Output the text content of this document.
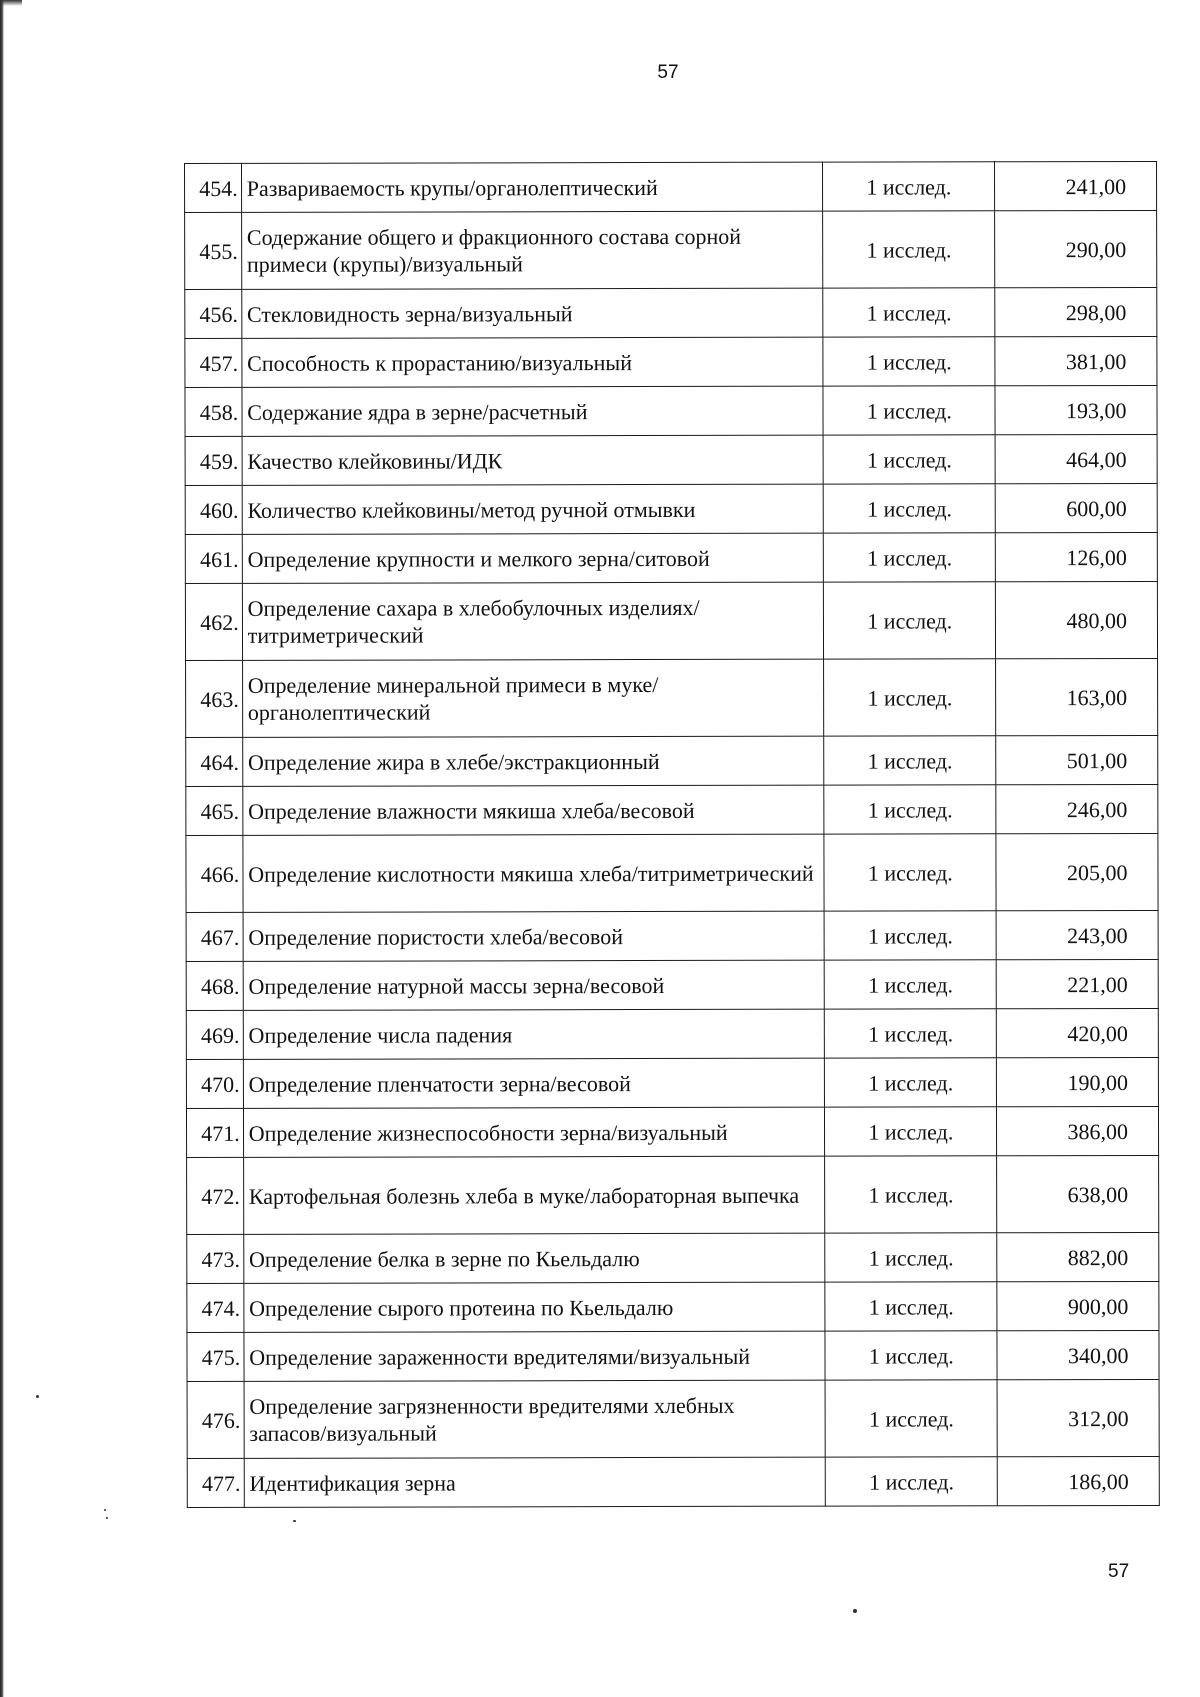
57
454.	Развариваемость крупы/органолептический	1 исслед.	241,00
455.	Содержание общего и фракционного состава сорной примеси (крупы)/визуальный	1 исслед.	290,00
456.	Стекловидность зерна/визуальный	1 исслед.	298,00
457.	Способность к прорастанию/визуальный	1 исслед.	381,00
458.	Содержание ядра в зерне/расчетный	1 исслед.	193,00
459.	Качество клейковины/ИДК	1 исслед.	464,00
460.	Количество клейковины/метод ручной отмывки	1 исслед.	600,00
461.	Определение крупности и мелкого зерна/ситовой	1 исслед.	126,00
462.	Определение сахара в хлебобулочных изделиях/титриметрический	1 исслед.	480,00
463.	Определение минеральной примеси в муке/органолептический	1 исслед.	163,00
464.	Определение жира в хлебе/экстракционный	1 исслед.	501,00
465.	Определение влажности мякиша хлеба/весовой	1 исслед.	246,00
466.	Определение кислотности мякиша хлеба/титриметрический	1 исслед.	205,00
467.	Определение пористости хлеба/весовой	1 исслед.	243,00
468.	Определение натурной массы зерна/весовой	1 исслед.	221,00
469.	Определение числа падения	1 исслед.	420,00
470.	Определение пленчатости зерна/весовой	1 исслед.	190,00
471.	Определение жизнеспособности зерна/визуальный	1 исслед.	386,00
472.	Картофельная болезнь хлеба в муке/лабораторная выпечка	1 исслед.	638,00
473.	Определение белка в зерне по Кьельдалю	1 исслед.	882,00
474.	Определение сырого протеина по Кьельдалю	1 исслед.	900,00
475.	Определение зараженности вредителями/визуальный	1 исслед.	340,00
476.	Определение загрязненности вредителями хлебных запасов/визуальный	1 исслед.	312,00
477.	Идентификация зерна	1 исслед.	186,00
57
